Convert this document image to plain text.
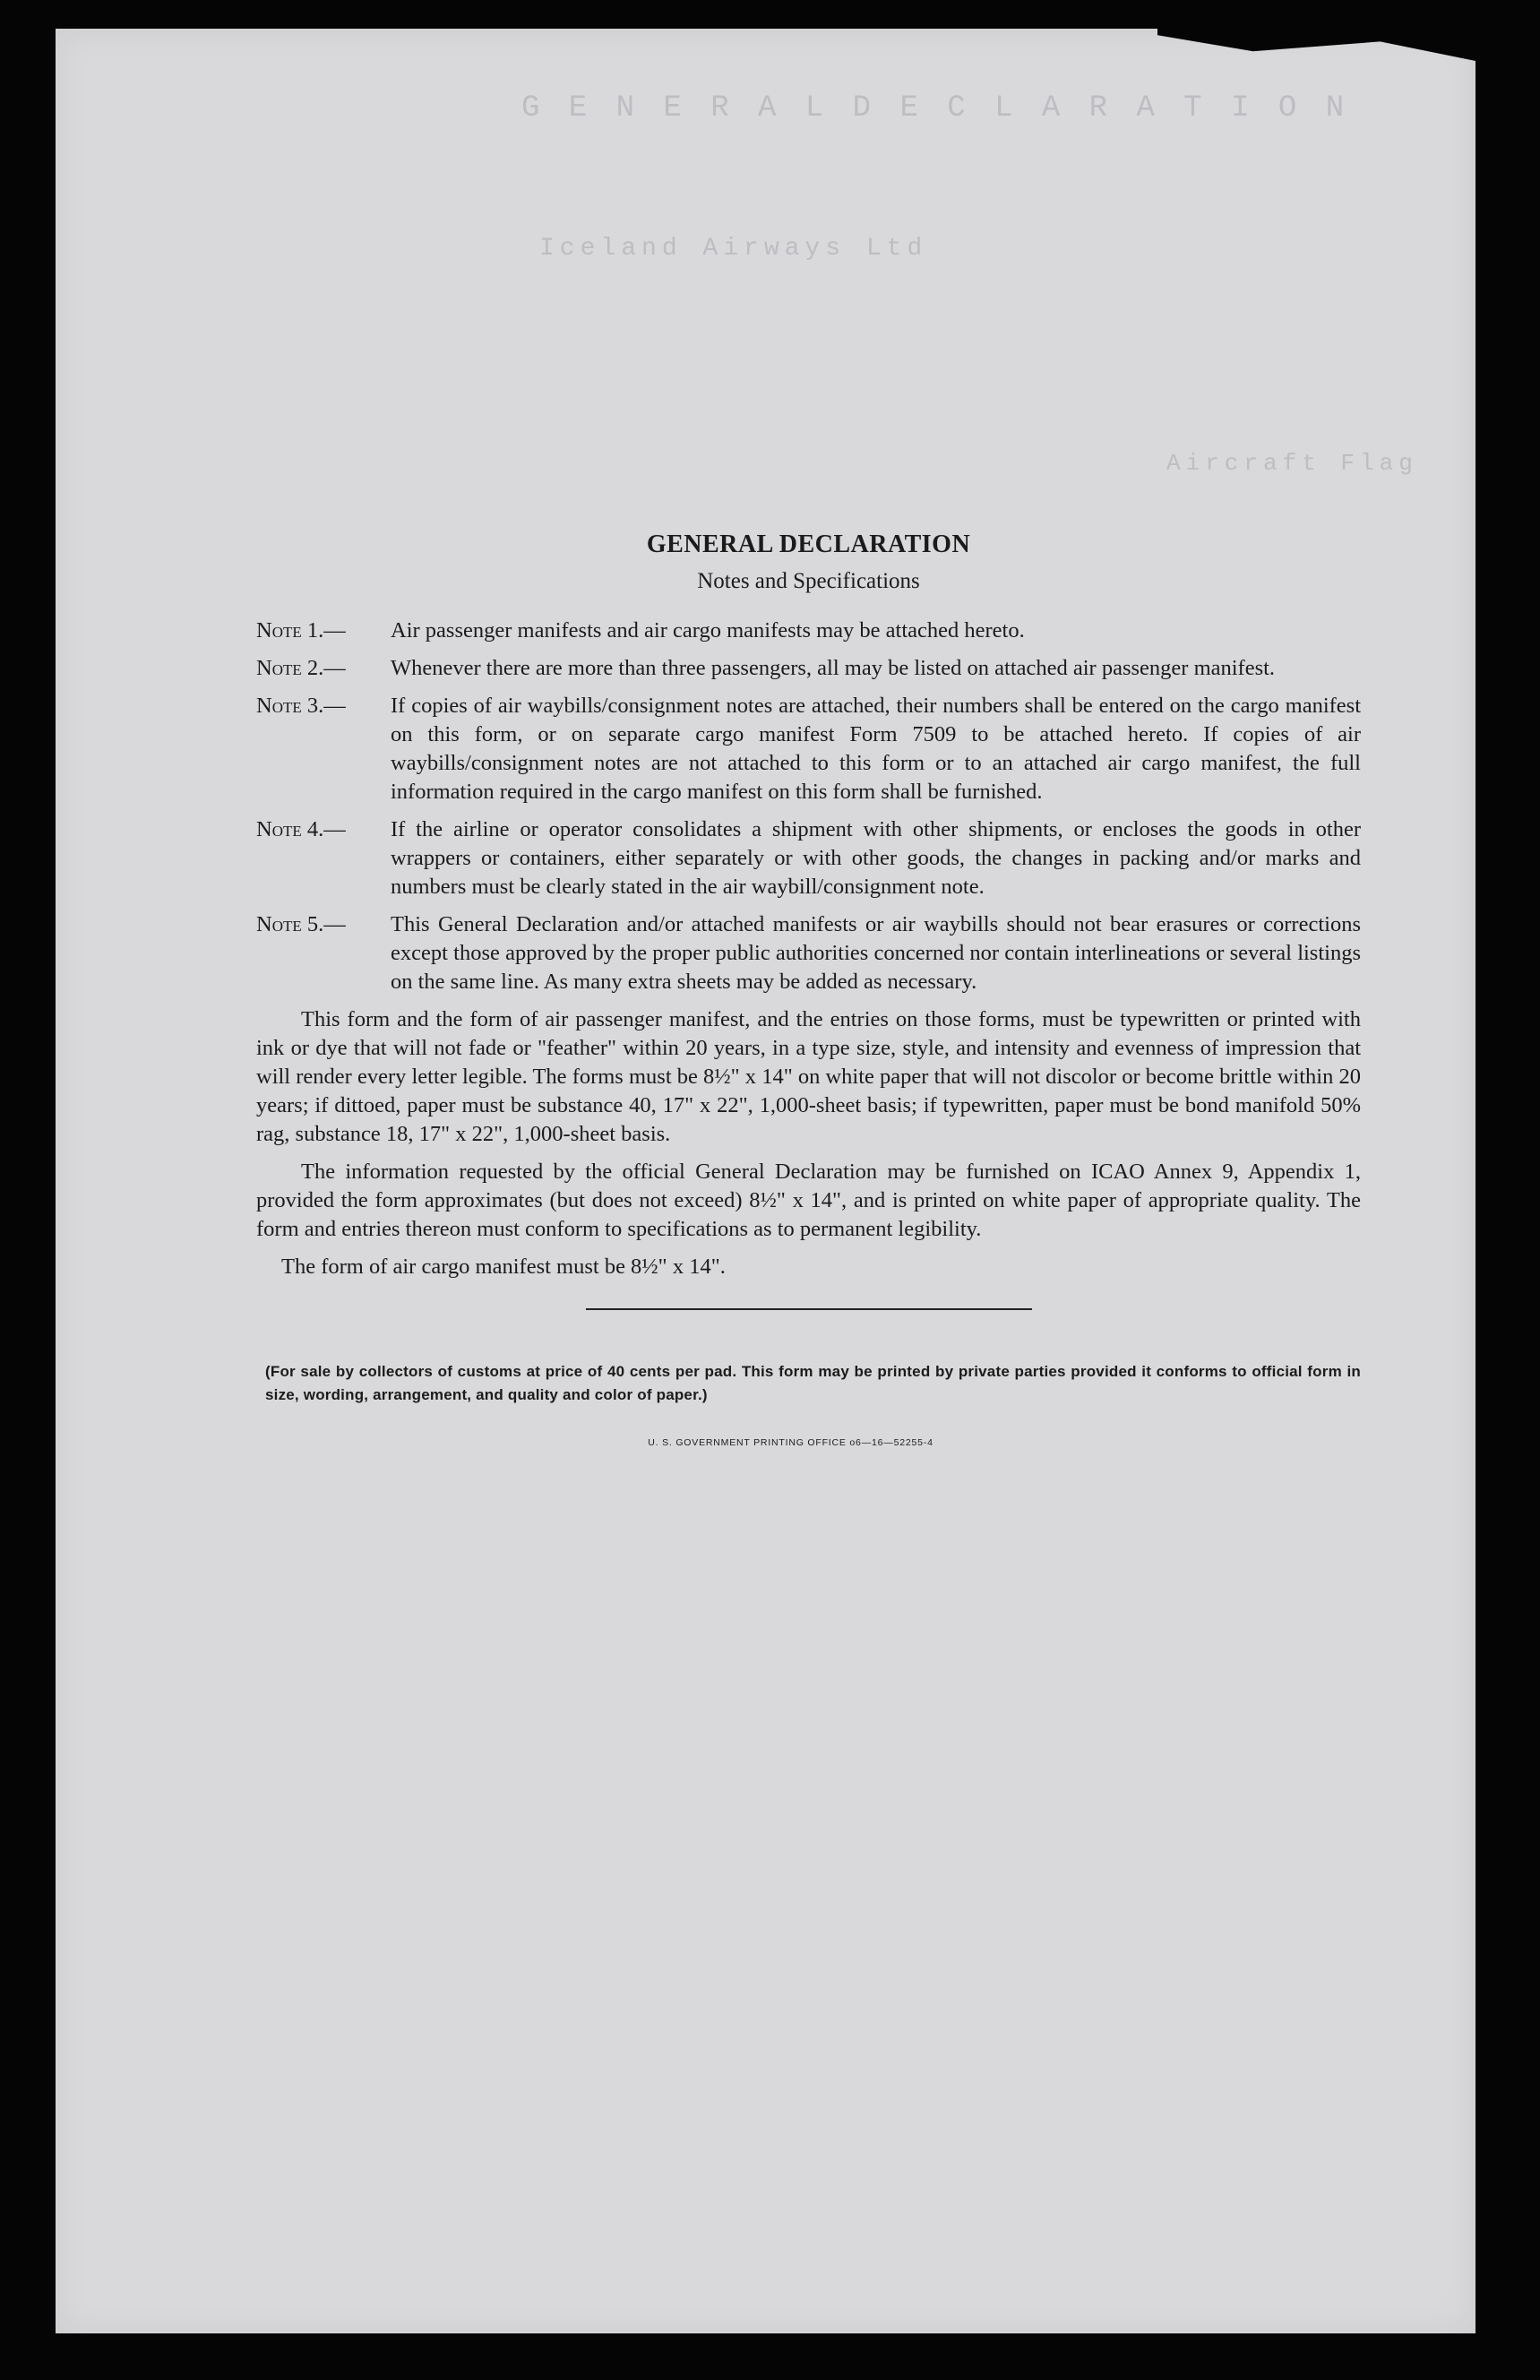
G E N E R A L D E C L A R A T I O N
Iceland Airways Ltd
Aircraft Flag
GENERAL DECLARATION
Notes and Specifications
Note 1.—	Air passenger manifests and air cargo manifests may be attached hereto.
Note 2.—	Whenever there are more than three passengers, all may be listed on attached air passenger manifest.
Note 3.—	If copies of air waybills/consignment notes are attached, their numbers shall be entered on the cargo manifest on this form, or on separate cargo manifest Form 7509 to be attached hereto. If copies of air waybills/consignment notes are not attached to this form or to an attached air cargo manifest, the full information required in the cargo manifest on this form shall be furnished.
Note 4.—	If the airline or operator consolidates a shipment with other shipments, or encloses the goods in other wrappers or containers, either separately or with other goods, the changes in packing and/or marks and numbers must be clearly stated in the air waybill/consignment note.
Note 5.—	This General Declaration and/or attached manifests or air waybills should not bear erasures or corrections except those approved by the proper public authorities concerned nor contain interlineations or several listings on the same line. As many extra sheets may be added as necessary.

This form and the form of air passenger manifest, and the entries on those forms, must be typewritten or printed with ink or dye that will not fade or "feather" within 20 years, in a type size, style, and intensity and evenness of impression that will render every letter legible. The forms must be 8½" x 14" on white paper that will not discolor or become brittle within 20 years; if dittoed, paper must be substance 40, 17" x 22", 1,000-sheet basis; if typewritten, paper must be bond manifold 50% rag, substance 18, 17" x 22", 1,000-sheet basis.

The information requested by the official General Declaration may be furnished on ICAO Annex 9, Appendix 1, provided the form approximates (but does not exceed) 8½" x 14", and is printed on white paper of appropriate quality. The form and entries thereon must conform to specifications as to permanent legibility.

The form of air cargo manifest must be 8½" x 14".

(For sale by collectors of customs at price of 40 cents per pad. This form may be printed by private parties provided it conforms to official form in size, wording, arrangement, and quality and color of paper.)
U. S. GOVERNMENT PRINTING OFFICE o6—16—52255-4
